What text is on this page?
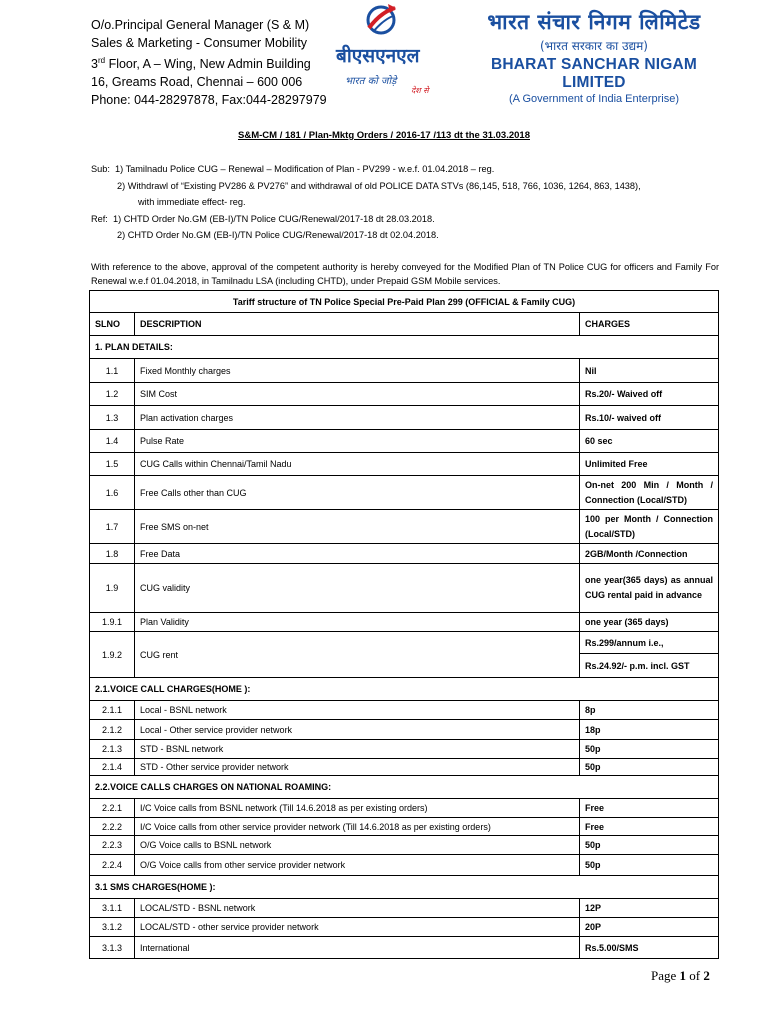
O/o.Principal General Manager (S & M)
Sales & Marketing - Consumer Mobility
3rd Floor, A – Wing, New Admin Building
16, Greams Road, Chennai – 600 006
Phone: 044-28297878, Fax:044-28297979
बीएसएनएल
भारत को जोड़े
देश से
भारत संचार निगम लिमिटेड
(भारत सरकार का उद्यम)
BHARAT SANCHAR NIGAM LIMITED
(A Government of India Enterprise)
S&M-CM / 181 / Plan-Mktg Orders / 2016-17 /113 dt the 31.03.2018
Sub: 1) Tamilnadu Police CUG – Renewal – Modification of Plan - PV299 - w.e.f. 01.04.2018 – reg.
2) Withdrawl of “Existing PV286 & PV276” and withdrawal of old POLICE DATA STVs (86,145, 518, 766, 1036, 1264, 863, 1438),
with immediate effect- reg.
Ref: 1) CHTD Order No.GM (EB-I)/TN Police CUG/Renewal/2017-18 dt 28.03.2018.
2) CHTD Order No.GM (EB-I)/TN Police CUG/Renewal/2017-18 dt 02.04.2018.
With reference to the above, approval of the competent authority is hereby conveyed for the Modified Plan of TN Police CUG for officers and Family For Renewal w.e.f 01.04.2018, in Tamilnadu LSA (including CHTD), under Prepaid GSM Mobile services.
Tariff structure of TN Police Special Pre-Paid Plan 299 (OFFICIAL & Family CUG)		
SLNO	DESCRIPTION	CHARGES
1. PLAN DETAILS:		
1.1	Fixed Monthly charges	Nil
1.2	SIM Cost	Rs.20/- Waived off
1.3	Plan activation charges	Rs.10/- waived off
1.4	Pulse Rate	60 sec
1.5	CUG Calls within Chennai/Tamil Nadu	Unlimited Free
1.6	Free Calls other than CUG	On-net 200 Min / Month / Connection (Local/STD)
1.7	Free SMS on-net	100 per Month / Connection (Local/STD)
1.8	Free Data	2GB/Month /Connection
1.9	CUG validity	one year(365 days) as annual CUG rental paid in advance
1.9.1	Plan Validity	one year (365 days)
1.9.2	CUG rent	Rs.299/annum i.e.,
		Rs.24.92/- p.m. incl. GST
2.1.VOICE CALL CHARGES(HOME ):		
2.1.1	Local - BSNL network	8p
2.1.2	Local - Other service provider network	18p
2.1.3	STD - BSNL network	50p
2.1.4	STD - Other service provider network	50p
2.2.VOICE CALLS CHARGES ON NATIONAL ROAMING:		
2.2.1	I/C Voice calls from BSNL network (Till 14.6.2018 as per existing orders)	Free
2.2.2	I/C Voice calls from other service provider network (Till 14.6.2018 as per existing orders)	Free
2.2.3	O/G Voice calls to BSNL network	50p
2.2.4	O/G Voice calls from other service provider network	50p
3.1 SMS CHARGES(HOME ):		
3.1.1	LOCAL/STD - BSNL network	12P
3.1.2	LOCAL/STD - other service provider network	20P
3.1.3	International	Rs.5.00/SMS
Page 1 of 2
